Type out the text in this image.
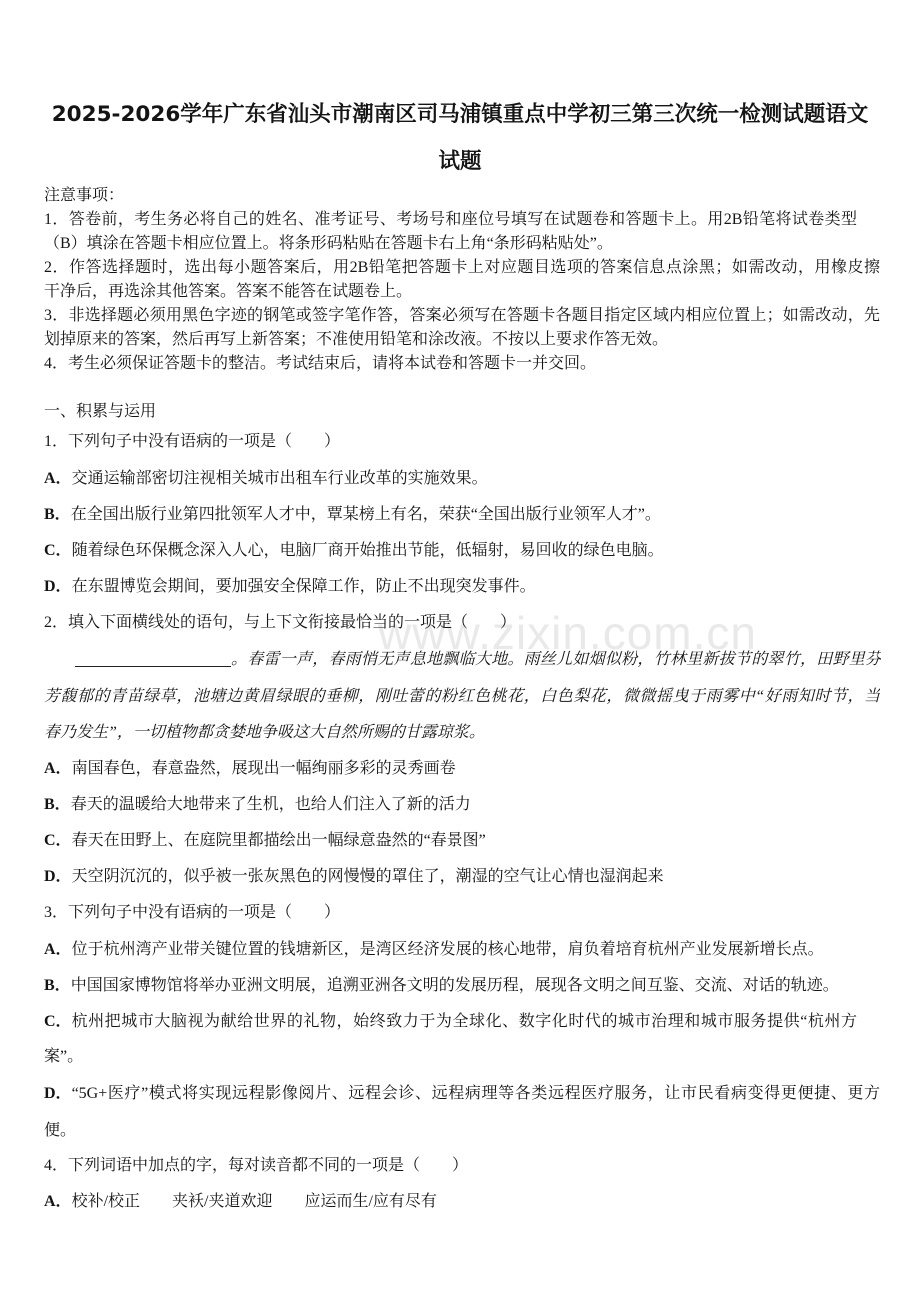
www.zixin.com.cn
2025-2026学年广东省汕头市潮南区司马浦镇重点中学初三第三次统一检测试题语文
试题
注意事项：
1．答卷前，考生务必将自己的姓名、准考证号、考场号和座位号填写在试题卷和答题卡上。用2B铅笔将试卷类型
（B）填涂在答题卡相应位置上。将条形码粘贴在答题卡右上角“条形码粘贴处”。
2．作答选择题时，选出每小题答案后，用2B铅笔把答题卡上对应题目选项的答案信息点涂黑；如需改动，用橡皮擦
干净后，再选涂其他答案。答案不能答在试题卷上。
3．非选择题必须用黑色字迹的钢笔或签字笔作答，答案必须写在答题卡各题目指定区域内相应位置上；如需改动，先
划掉原来的答案，然后再写上新答案；不准使用铅笔和涂改液。不按以上要求作答无效。
4．考生必须保证答题卡的整洁。考试结束后，请将本试卷和答题卡一并交回。
一、积累与运用
1．下列句子中没有语病的一项是（　　）
A． 交通运输部密切注视相关城市出租车行业改革的实施效果。
B． 在全国出版行业第四批领军人才中，覃某榜上有名，荣获“全国出版行业领军人才”。
C． 随着绿色环保概念深入人心，电脑厂商开始推出节能，低辐射，易回收的绿色电脑。
D． 在东盟博览会期间，要加强安全保障工作，防止不出现突发事件。
2．填入下面横线处的语句，与上下文衔接最恰当的一项是（　　）
。春雷一声，春雨悄无声息地飘临大地。雨丝儿如烟似粉，竹林里新拔节的翠竹，田野里芬
芳馥郁的青苗绿草，池塘边黄眉绿眼的垂柳，刚吐蕾的粉红色桃花，白色梨花，微微摇曳于雨雾中“好雨知时节，当
春乃发生”，一切植物都贪婪地争吸这大自然所赐的甘露琼浆。
A． 南国春色，春意盎然，展现出一幅绚丽多彩的灵秀画卷
B． 春天的温暖给大地带来了生机，也给人们注入了新的活力
C． 春天在田野上、在庭院里都描绘出一幅绿意盎然的“春景图”
D． 天空阴沉沉的，似乎被一张灰黑色的网慢慢的罩住了，潮湿的空气让心情也湿润起来
3．下列句子中没有语病的一项是（　　）
A． 位于杭州湾产业带关键位置的钱塘新区，是湾区经济发展的核心地带，肩负着培育杭州产业发展新增长点。
B． 中国国家博物馆将举办亚洲文明展，追溯亚洲各文明的发展历程，展现各文明之间互鉴、交流、对话的轨迹。
C． 杭州把城市大脑视为献给世界的礼物，始终致力于为全球化、数字化时代的城市治理和城市服务提供“杭州方
案”。
D． “5G+医疗”模式将实现远程影像阅片、远程会诊、远程病理等各类远程医疗服务，让市民看病变得更便捷、更方
便。
4．下列词语中加点的字，每对读音都不同的一项是（　　）
A． 校补/校正　　夹袄/夹道欢迎　　应运而生/应有尽有
